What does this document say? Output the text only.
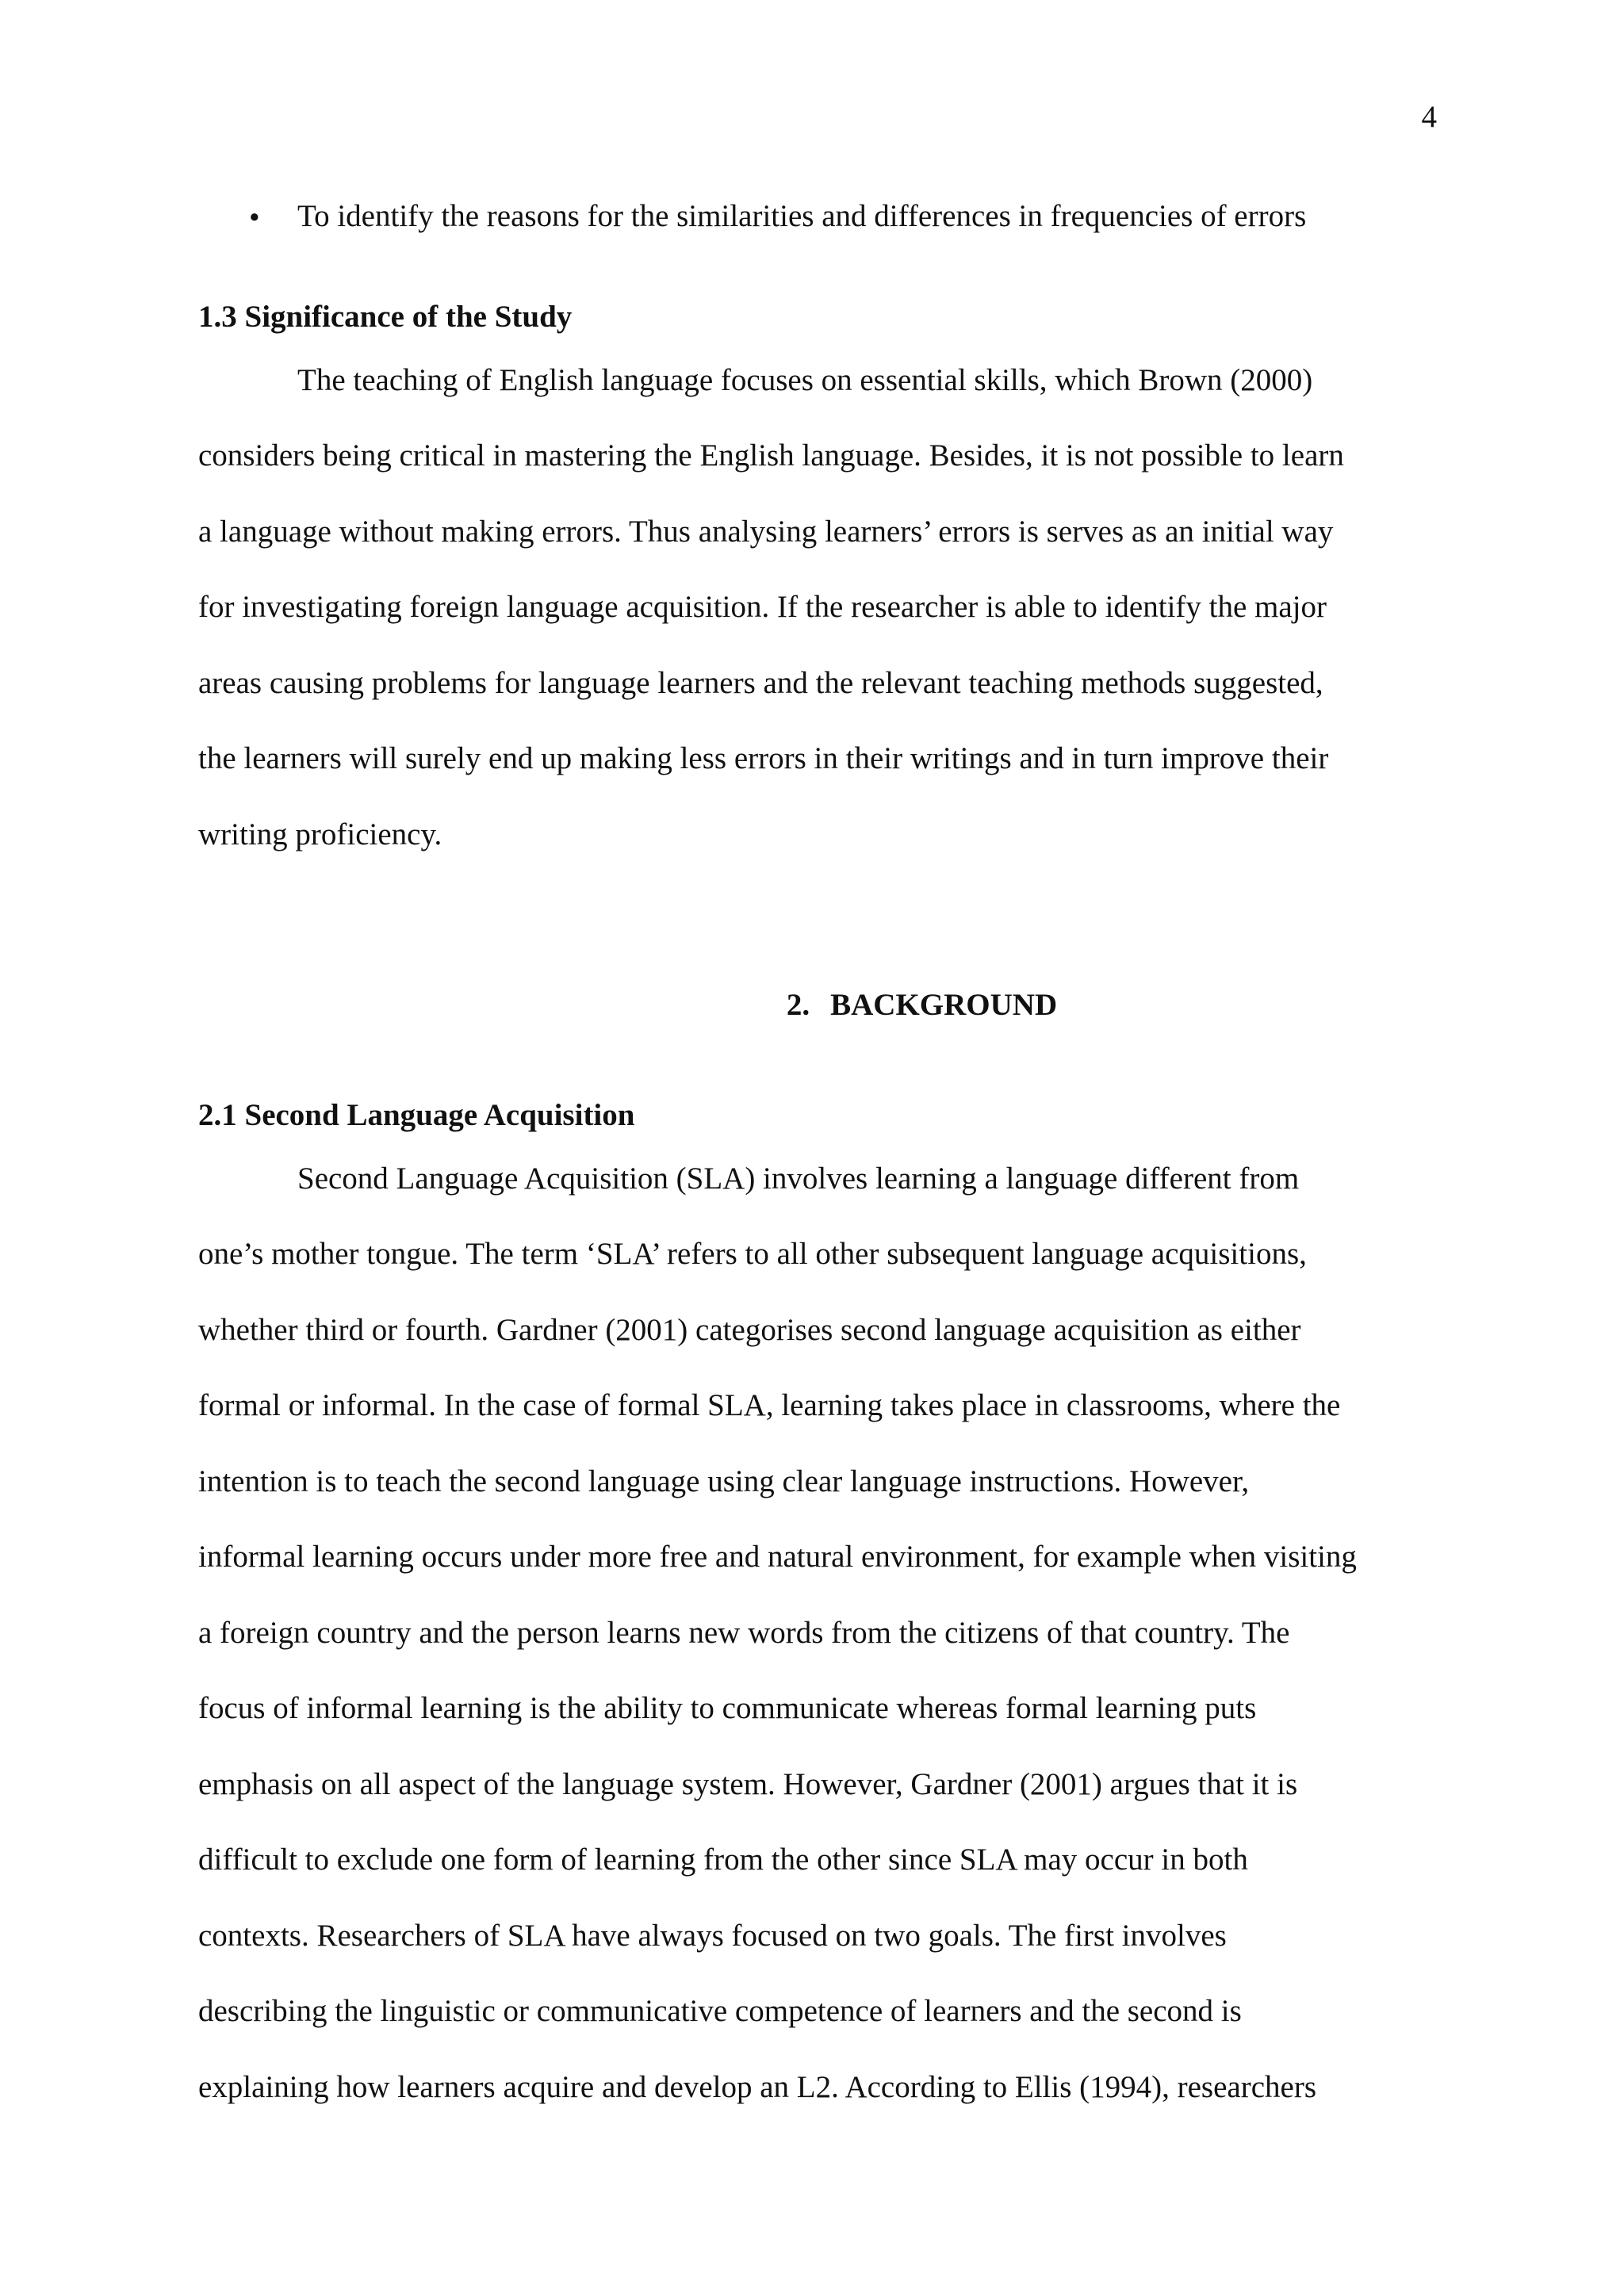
4
• To identify the reasons for the similarities and differences in frequencies of errors
1.3 Significance of the Study
The teaching of English language focuses on essential skills, which Brown (2000)
considers being critical in mastering the English language. Besides, it is not possible to learn
a language without making errors. Thus analysing learners’ errors is serves as an initial way
for investigating foreign language acquisition. If the researcher is able to identify the major
areas causing problems for language learners and the relevant teaching methods suggested,
the learners will surely end up making less errors in their writings and in turn improve their
writing proficiency.
2. BACKGROUND
2.1 Second Language Acquisition
Second Language Acquisition (SLA) involves learning a language different from
one’s mother tongue. The term ‘SLA’ refers to all other subsequent language acquisitions,
whether third or fourth. Gardner (2001) categorises second language acquisition as either
formal or informal. In the case of formal SLA, learning takes place in classrooms, where the
intention is to teach the second language using clear language instructions. However,
informal learning occurs under more free and natural environment, for example when visiting
a foreign country and the person learns new words from the citizens of that country. The
focus of informal learning is the ability to communicate whereas formal learning puts
emphasis on all aspect of the language system. However, Gardner (2001) argues that it is
difficult to exclude one form of learning from the other since SLA may occur in both
contexts. Researchers of SLA have always focused on two goals. The first involves
describing the linguistic or communicative competence of learners and the second is
explaining how learners acquire and develop an L2. According to Ellis (1994), researchers
